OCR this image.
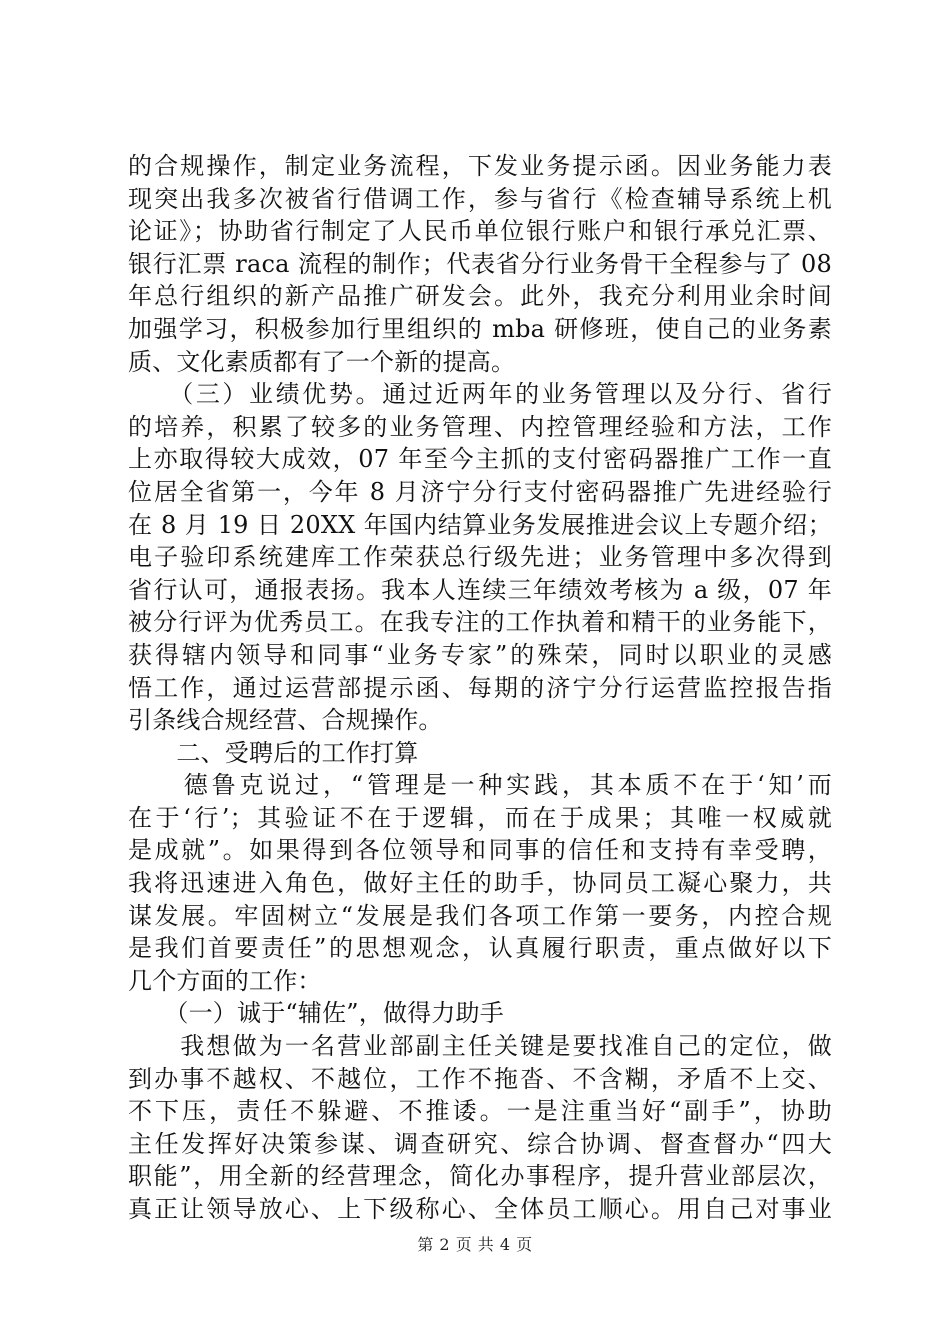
的合规操作，制定业务流程，下发业务提示函。因业务能力表
现突出我多次被省行借调工作，参与省行《检查辅导系统上机
论证》；协助省行制定了人民币单位银行账户和银行承兑汇票、
银行汇票 raca 流程的制作；代表省分行业务骨干全程参与了 08
年总行组织的新产品推广研发会。此外，我充分利用业余时间
加强学习，积极参加行里组织的 mba 研修班，使自己的业务素
质、文化素质都有了一个新的提高。
　　（三）业绩优势。通过近两年的业务管理以及分行、省行
的培养，积累了较多的业务管理、内控管理经验和方法，工作
上亦取得较大成效，07 年至今主抓的支付密码器推广工作一直
位居全省第一，今年 8 月济宁分行支付密码器推广先进经验行
在 8 月 19 日 20XX 年国内结算业务发展推进会议上专题介绍；
电子验印系统建库工作荣获总行级先进；业务管理中多次得到
省行认可，通报表扬。我本人连续三年绩效考核为 a 级，07 年
被分行评为优秀员工。在我专注的工作执着和精干的业务能下，
获得辖内领导和同事“业务专家”的殊荣，同时以职业的灵感
悟工作，通过运营部提示函、每期的济宁分行运营监控报告指
引条线合规经营、合规操作。
　　二、受聘后的工作打算
　　德鲁克说过，“管理是一种实践，其本质不在于‘知’而
在于‘行’；其验证不在于逻辑，而在于成果；其唯一权威就
是成就”。如果得到各位领导和同事的信任和支持有幸受聘，
我将迅速进入角色，做好主任的助手，协同员工凝心聚力，共
谋发展。牢固树立“发展是我们各项工作第一要务，内控合规
是我们首要责任”的思想观念，认真履行职责，重点做好以下
几个方面的工作：
　　（一）诚于“辅佐”，做得力助手
　　我想做为一名营业部副主任关键是要找准自己的定位，做
到办事不越权、不越位，工作不拖沓、不含糊，矛盾不上交、
不下压，责任不躲避、不推诿。一是注重当好“副手”，协助
主任发挥好决策参谋、调查研究、综合协调、督查督办“四大
职能”，用全新的经营理念，简化办事程序，提升营业部层次，
真正让领导放心、上下级称心、全体员工顺心。用自己对事业
第 2 页 共 4 页
